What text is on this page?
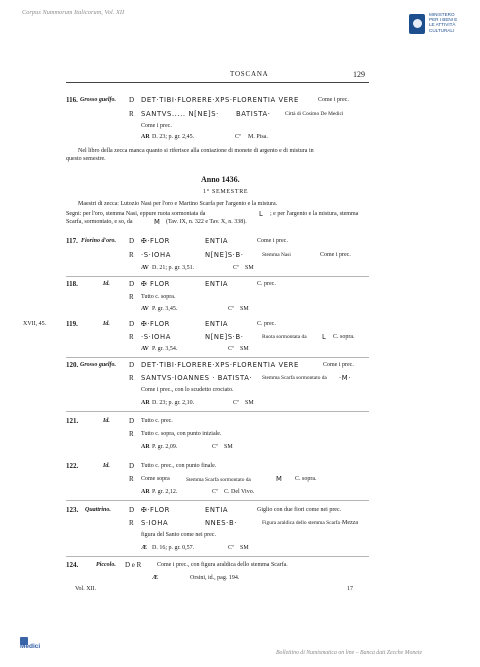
Corpus Nummorum Italicorum, Vol. XII	MINISTERO
PER I BENI E
LE ATTIVITÀ
CULTURALI
TOSCANA	129
116. Grosso guelfo. D DET·TIBI·FLORERE·XPS·FLORENTIA VERE	Come i prec.
R SANTVS..... N[NE]S·	BATISTA·	Città di Cosimo De Medici
Come i prec.
AR D. 23; p. gr. 2,45.	Cª M. Pisa.
Nel libro della zecca manca quanto si riferisce alla coniazione di monete di argento e di mistura in
questo semestre.
Anno 1436.
1° SEMESTRE
Maestri di zecca: Lutozio Nasi per l'oro e Martino Scarfa per l'argento e la mistura.
Segni: per l'oro, stemma Nasi, eppure ruota sormontata da	L ; e per l'argento e la mistura, stemma
Scarfa, sormontato, e so, da	M (Tav. IX, n. 322 e Tav. X, n. 338).
117. Fiorino d'oro. D ✠·FLOR	ENTIA	Come i prec.
R ·S·IOHA	N[NE]S·B·	Stemma Nasi	Come i prec.
AV D. 21; p. gr. 3,51.	Cª SM
118.	Id.	D ✠ FLOR	ENTIA	C. prec.
R Tutto c. sopra.
AV P. gr. 3,45.	Cª SM
XVII, 45.	119.	Id.	D ✠·FLOR	ENTIA	C. prec.
R ·S·IOHA	N[NE]S·B·	Ruota sormontata da L C. sopra.
AV P. gr. 3,54.	Cª SM
120. Grosso guelfo. D DET·TIBI·FLORERE·XPS·FLORENTIA VERE	Come i prec.
R SANTVS·IOANNES · BATISTA· Stemma Scarfa sormontato da ·M·
Come i prec., con lo scudetto crociato.
AR D. 23; p. gr. 2,10.	Cª SM
121.	Id.	D Tutto c. prec.
R Tutto c. sopra, con punto iniziale.
AR P. gr. 2,09.	Cª SM
122.	Id.	D Tutto c. prec., con punto finale.
R Come sopra	Stemma Scarfa sormontato da	M C. sopra.
AR P. gr. 2,12.	Cª C. Del Vivo.
123. Quattrino.	D ✠·FLOR	ENTIA	Giglio con due fiori come nei prec.
R S·IOHA	NNES·B·	Figura araldica dello stemma Scarfa · Mezza
figura del Santo come nei prec.
Æ D. 16; p. gr. 0,57.	Cª SM
124.	Piccolo. D e R	Come i prec., con figura araldica dello stemma Scarfa.
Æ	Orsini, id., pag. 194.
Vol. XII.	17
Medici
Bollettino di Numismatica on line – Banca dati Zecche Monete
